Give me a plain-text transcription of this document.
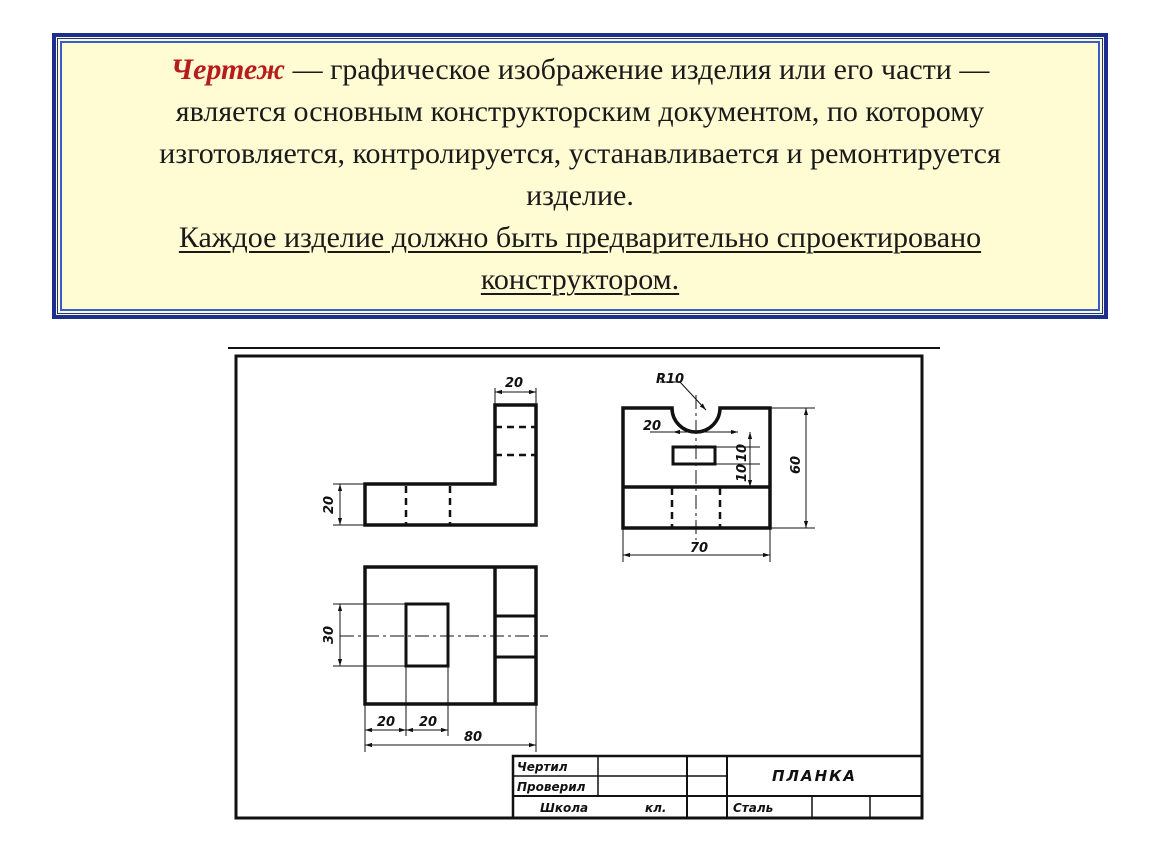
Чертеж — графическое изображение изделия или его части —
является основным конструкторским документом, по которому
изготовляется, контролируется, устанавливается и ремонтируется
изделие.
Каждое изделие должно быть предварительно спроектировано
конструктором.
20
20
R10
20
10
10	60
70
30
20 20
80
Чертил
Проверил
Школа	кл.
ПЛАНКА
Сталь
